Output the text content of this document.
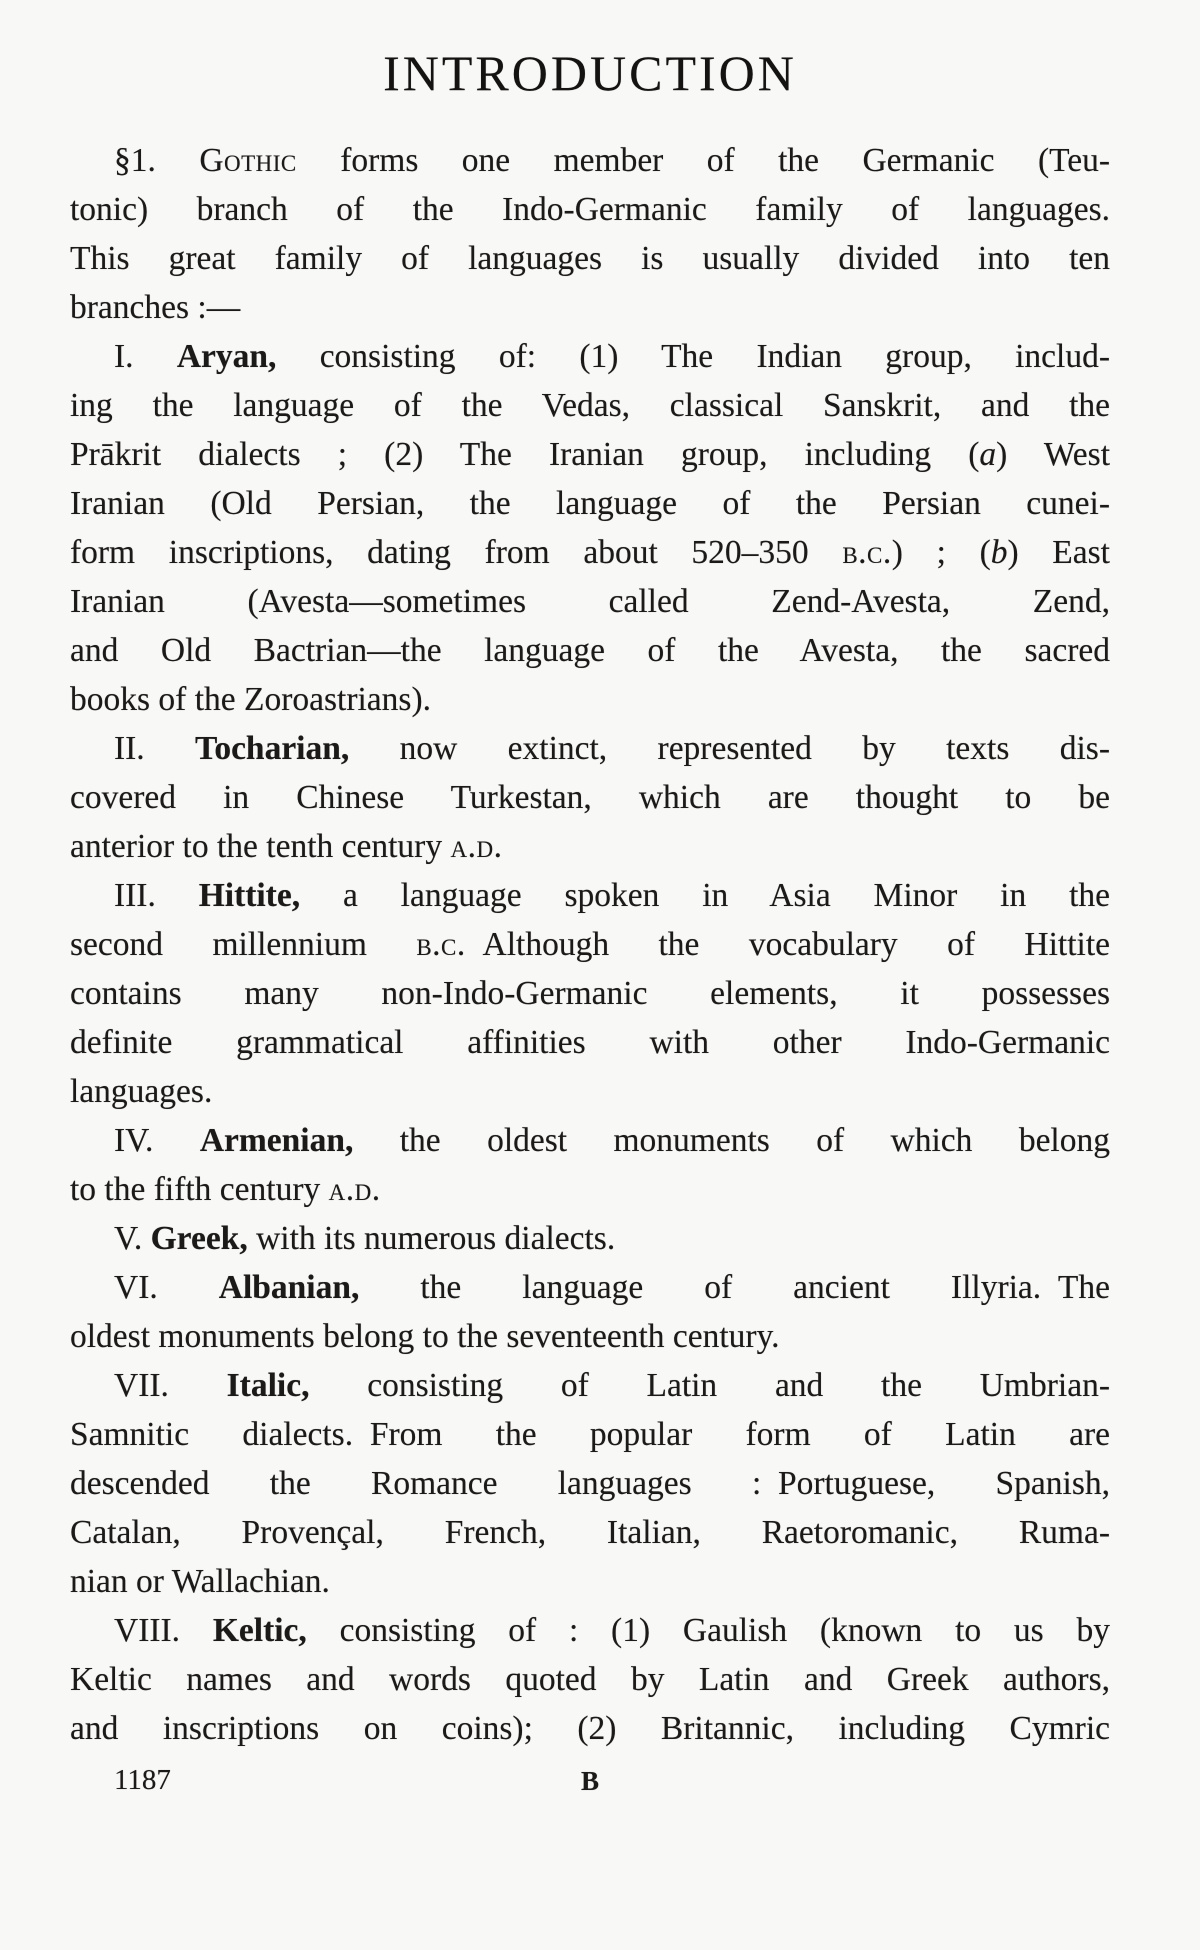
INTRODUCTION
§1. Gothic forms one member of the Germanic (Teu-
tonic) branch of the Indo-Germanic family of languages.
This great family of languages is usually divided into ten
branches :—
I. Aryan, consisting of: (1) The Indian group, includ-
ing the language of the Vedas, classical Sanskrit, and the
Prākrit dialects ; (2) The Iranian group, including (a) West
Iranian (Old Persian, the language of the Persian cunei-
form inscriptions, dating from about 520–350 b.c.) ; (b) East
Iranian (Avesta—sometimes called Zend-Avesta, Zend,
and Old Bactrian—the language of the Avesta, the sacred
books of the Zoroastrians).
II. Tocharian, now extinct, represented by texts dis-
covered in Chinese Turkestan, which are thought to be
anterior to the tenth century a.d.
III. Hittite, a language spoken in Asia Minor in the
second millennium b.c. Although the vocabulary of Hittite
contains many non-Indo-Germanic elements, it possesses
definite grammatical affinities with other Indo-Germanic
languages.
IV. Armenian, the oldest monuments of which belong
to the fifth century a.d.
V. Greek, with its numerous dialects.
VI. Albanian, the language of ancient Illyria. The
oldest monuments belong to the seventeenth century.
VII. Italic, consisting of Latin and the Umbrian-
Samnitic dialects. From the popular form of Latin are
descended the Romance languages : Portuguese, Spanish,
Catalan, Provençal, French, Italian, Raetoromanic, Ruma-
nian or Wallachian.
VIII. Keltic, consisting of : (1) Gaulish (known to us by
Keltic names and words quoted by Latin and Greek authors,
and inscriptions on coins); (2) Britannic, including Cymric
1187	B
